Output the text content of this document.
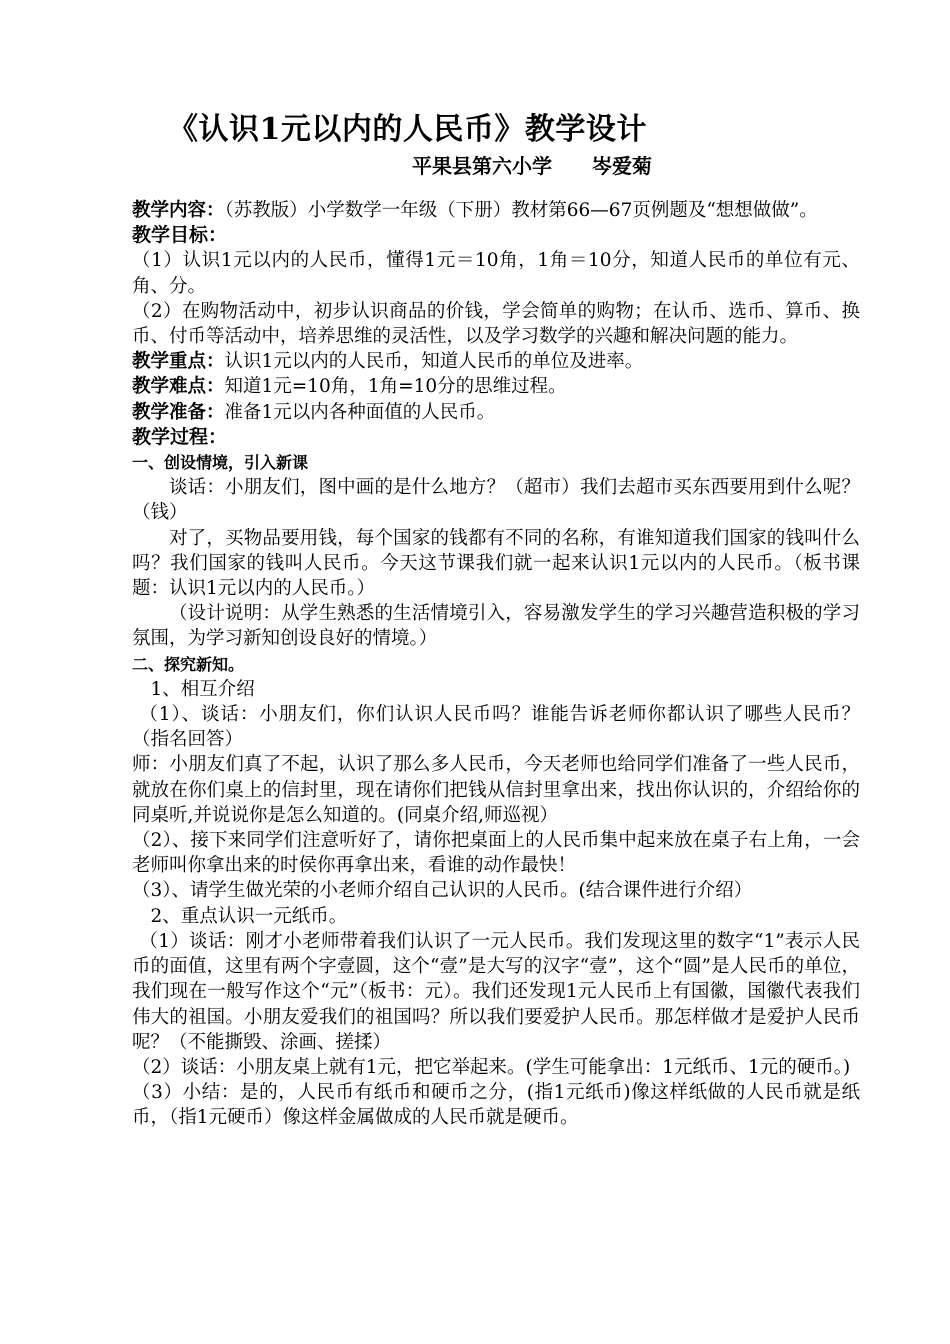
《认识1元以内的人民币》教学设计
平果县第六小学　　岑爱菊

教学内容：（苏教版）小学数学一年级（下册）教材第66—67页例题及“想想做做”。

教学目标：

（1）认识1元以内的人民币，懂得1元＝10角，1角＝10分，知道人民币的单位有元、角、分。

（2）在购物活动中，初步认识商品的价钱，学会简单的购物；在认币、选币、算币、换币、付币等活动中，培养思维的灵活性，以及学习数学的兴趣和解决问题的能力。

教学重点：认识1元以内的人民币，知道人民币的单位及进率。

教学难点：知道1元=10角，1角=10分的思维过程。

教学准备：准备1元以内各种面值的人民币。

教学过程：

一、创设情境，引入新课

谈话：小朋友们，图中画的是什么地方？（超市）我们去超市买东西要用到什么呢？（钱）

对了，买物品要用钱，每个国家的钱都有不同的名称，有谁知道我们国家的钱叫什么吗？我们国家的钱叫人民币。今天这节课我们就一起来认识1元以内的人民币。（板书课题：认识1元以内的人民币。）

（设计说明：从学生熟悉的生活情境引入，容易激发学生的学习兴趣营造积极的学习氛围，为学习新知创设良好的情境。）

二、探究新知。

1、相互介绍

（1）、谈话：小朋友们，你们认识人民币吗？谁能告诉老师你都认识了哪些人民币？（指名回答）

师：小朋友们真了不起，认识了那么多人民币，今天老师也给同学们准备了一些人民币，就放在你们桌上的信封里，现在请你们把钱从信封里拿出来，找出你认识的，介绍给你的同桌听,并说说你是怎么知道的。(同桌介绍,师巡视）

（2）、接下来同学们注意听好了，请你把桌面上的人民币集中起来放在桌子右上角，一会老师叫你拿出来的时侯你再拿出来，看谁的动作最快！

（3）、请学生做光荣的小老师介绍自己认识的人民币。(结合课件进行介绍）

2、重点认识一元纸币。

（1）谈话：刚才小老师带着我们认识了一元人民币。我们发现这里的数字“1”表示人民币的面值，这里有两个字壹圆，这个“壹”是大写的汉字“壹”，这个“圆”是人民币的单位，我们现在一般写作这个“元”（板书：元）。我们还发现1元人民币上有国徽，国徽代表我们伟大的祖国。小朋友爱我们的祖国吗？所以我们要爱护人民币。那怎样做才是爱护人民币呢？（不能撕毁、涂画、搓揉）

（2）谈话：小朋友桌上就有1元，把它举起来。(学生可能拿出：1元纸币、1元的硬币。)

（3）小结：是的，人民币有纸币和硬币之分，(指1元纸币)像这样纸做的人民币就是纸币，（指1元硬币）像这样金属做成的人民币就是硬币。
